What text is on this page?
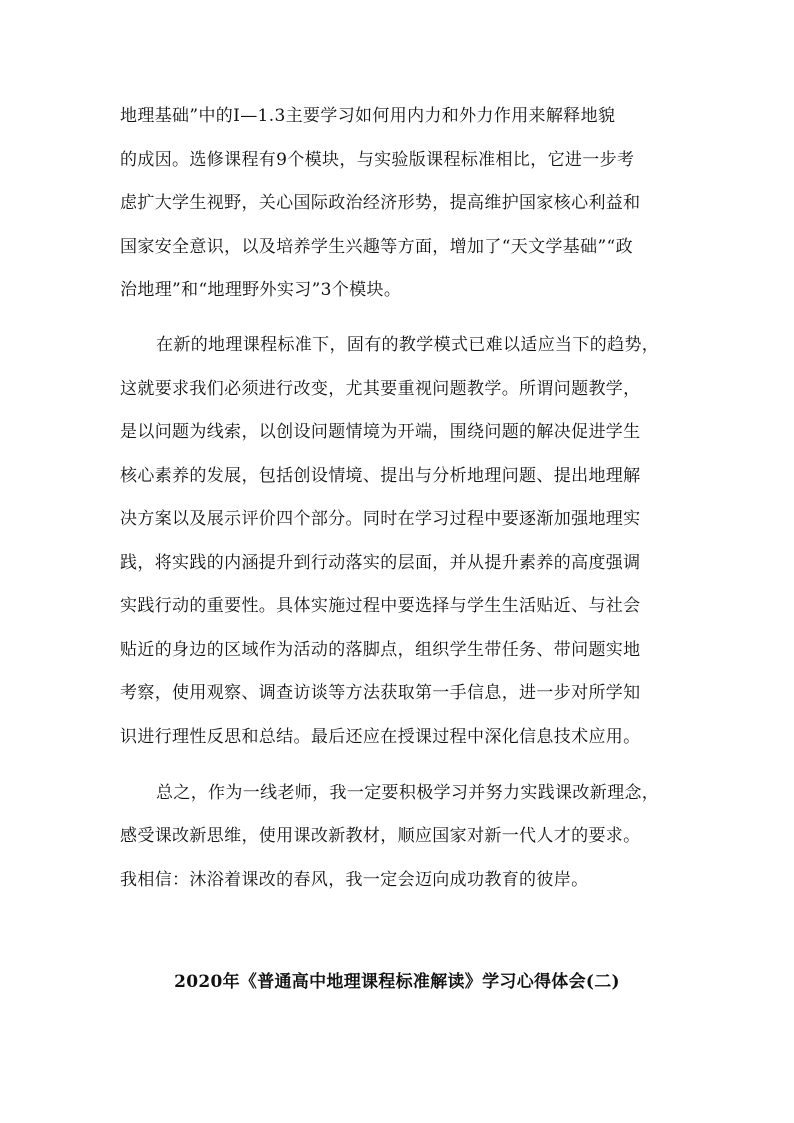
地理基础”中的Ⅰ—1.3主要学习如何用内力和外力作用来解释地貌
的成因。选修课程有9个模块，与实验版课程标准相比，它进一步考
虑扩大学生视野，关心国际政治经济形势，提高维护国家核心利益和
国家安全意识，以及培养学生兴趣等方面，增加了“天文学基础”“政
治地理”和“地理野外实习”3个模块。
在新的地理课程标准下，固有的教学模式已难以适应当下的趋势，
这就要求我们必须进行改变，尤其要重视问题教学。所谓问题教学，
是以问题为线索，以创设问题情境为开端，围绕问题的解决促进学生
核心素养的发展，包括创设情境、提出与分析地理问题、提出地理解
决方案以及展示评价四个部分。同时在学习过程中要逐渐加强地理实
践，将实践的内涵提升到行动落实的层面，并从提升素养的高度强调
实践行动的重要性。具体实施过程中要选择与学生生活贴近、与社会
贴近的身边的区域作为活动的落脚点，组织学生带任务、带问题实地
考察，使用观察、调查访谈等方法获取第一手信息，进一步对所学知
识进行理性反思和总结。最后还应在授课过程中深化信息技术应用。
总之，作为一线老师，我一定要积极学习并努力实践课改新理念，
感受课改新思维，使用课改新教材，顺应国家对新一代人才的要求。
我相信：沐浴着课改的春风，我一定会迈向成功教育的彼岸。
2020年《普通高中地理课程标准解读》学习心得体会(二)
